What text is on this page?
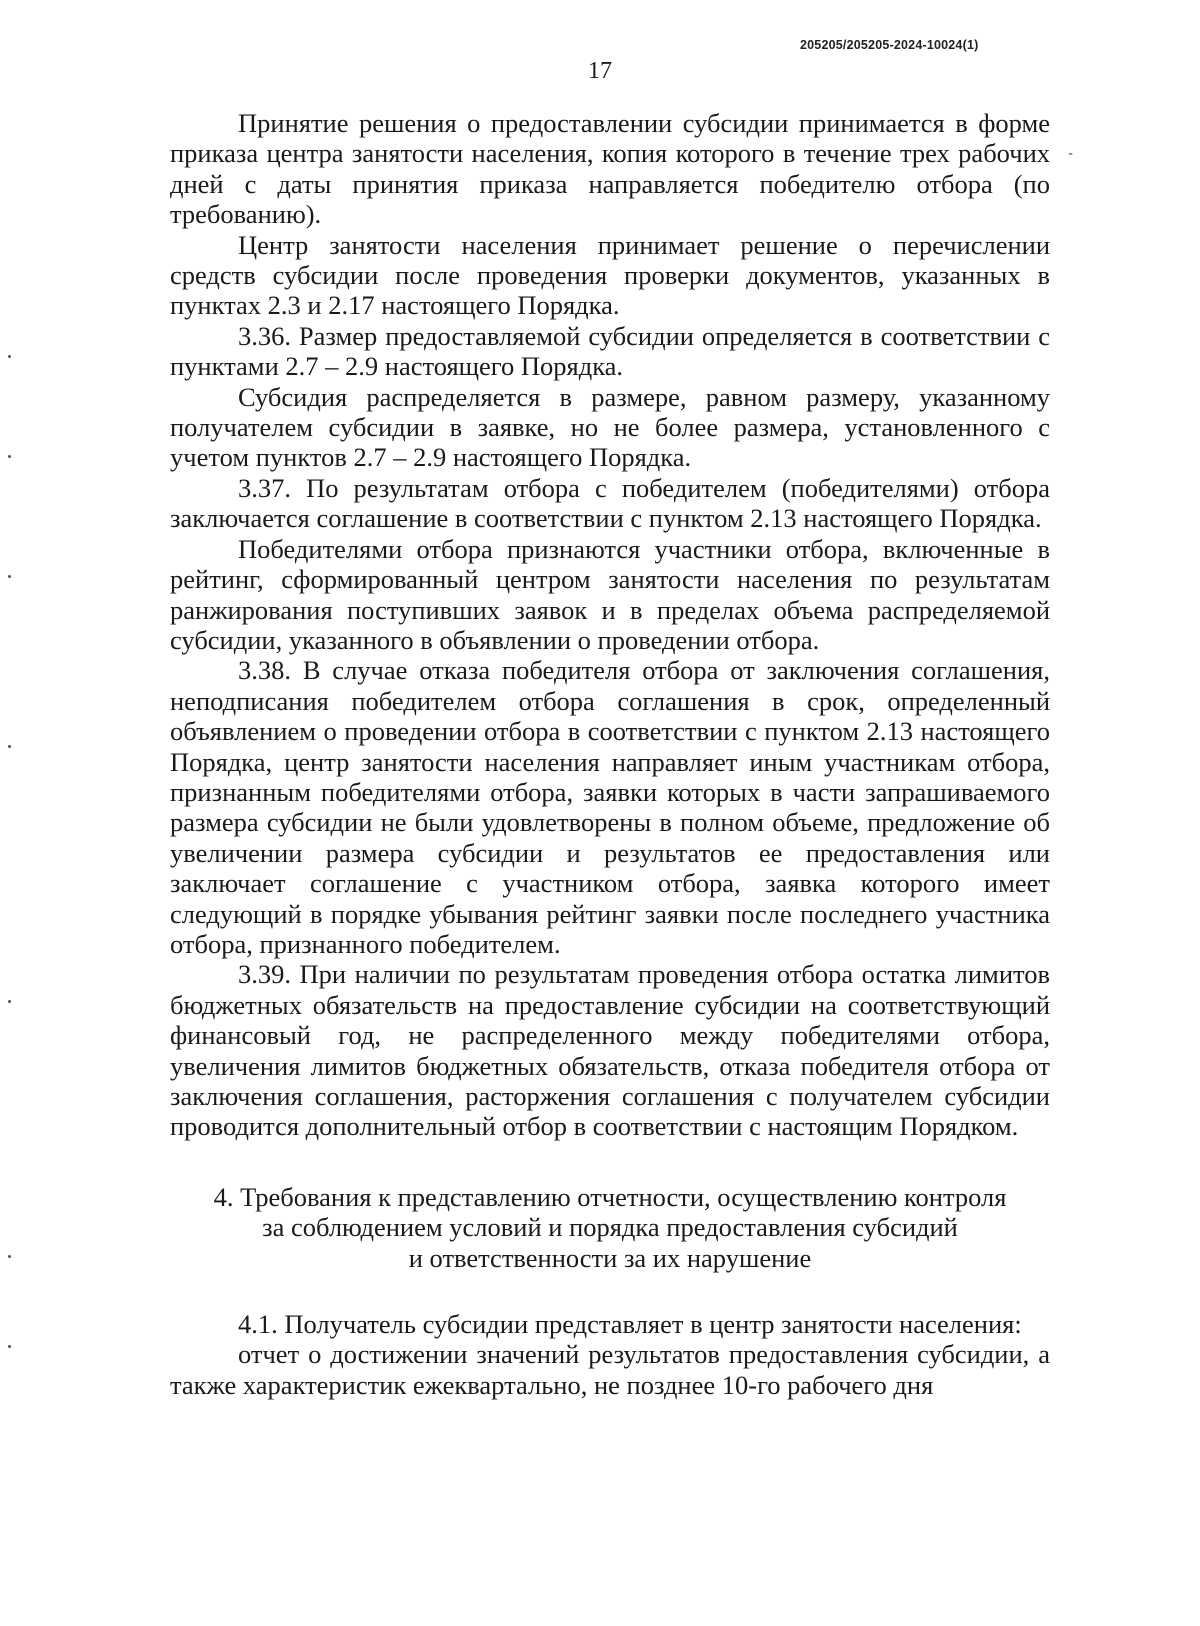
205205/205205-2024-10024(1)
17

Принятие решения о предоставлении субсидии принимается в форме приказа центра занятости населения, копия которого в течение трех рабочих дней с даты принятия приказа направляется победителю отбора (по требованию).

Центр занятости населения принимает решение о перечислении средств субсидии после проведения проверки документов, указанных в пунктах 2.3 и 2.17 настоящего Порядка.

3.36. Размер предоставляемой субсидии определяется в соответствии с пунктами 2.7 – 2.9 настоящего Порядка.

Субсидия распределяется в размере, равном размеру, указанному получателем субсидии в заявке, но не более размера, установленного с учетом пунктов 2.7 – 2.9 настоящего Порядка.

3.37. По результатам отбора с победителем (победителями) отбора заключается соглашение в соответствии с пунктом 2.13 настоящего Порядка.

Победителями отбора признаются участники отбора, включенные в рейтинг, сформированный центром занятости населения по результатам ранжирования поступивших заявок и в пределах объема распределяемой субсидии, указанного в объявлении о проведении отбора.

3.38. В случае отказа победителя отбора от заключения соглашения, неподписания победителем отбора соглашения в срок, определенный объявлением о проведении отбора в соответствии с пунктом 2.13 настоящего Порядка, центр занятости населения направляет иным участникам отбора, признанным победителями отбора, заявки которых в части запрашиваемого размера субсидии не были удовлетворены в полном объеме, предложение об увеличении размера субсидии и результатов ее предоставления или заключает соглашение с участником отбора, заявка которого имеет следующий в порядке убывания рейтинг заявки после последнего участника отбора, признанного победителем.

3.39. При наличии по результатам проведения отбора остатка лимитов бюджетных обязательств на предоставление субсидии на соответствующий финансовый год, не распределенного между победителями отбора, увеличения лимитов бюджетных обязательств, отказа победителя отбора от заключения соглашения, расторжения соглашения с получателем субсидии проводится дополнительный отбор в соответствии с настоящим Порядком.

4. Требования к представлению отчетности, осуществлению контроля
за соблюдением условий и порядка предоставления субсидий
и ответственности за их нарушение

4.1. Получатель субсидии представляет в центр занятости населения:

отчет о достижении значений результатов предоставления субсидии, а также характеристик ежеквартально, не позднее 10-го рабочего дня

-
